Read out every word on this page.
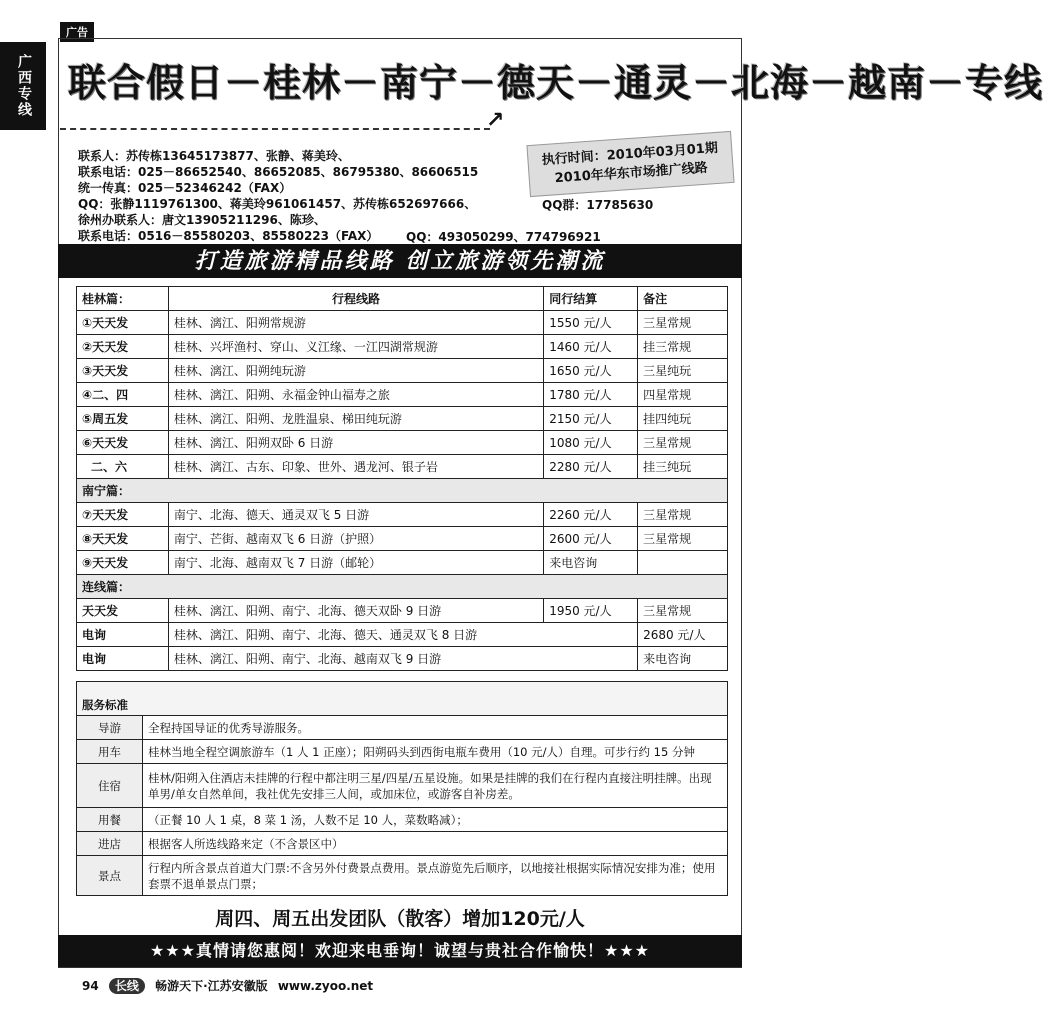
广告
广西专线 联合假日－桂林－南宁－德天－通灵－北海－越南－专线
↗
联系人：苏传栋13645173877、张静、蒋美玲、
联系电话：025－86652540、86652085、86795380、86606515
统一传真：025－52346242（FAX）
QQ：张静1119761300、蒋美玲961061457、苏传栋652697666、
徐州办联系人：唐文13905211296、陈珍、
联系电话：0516－85580203、85580223（FAX）
执行时间：2010年03月01期
2010年华东市场推广线路
QQ群：17785630
QQ：493050299、774796921
打造旅游精品线路 创立旅游领先潮流
桂林篇：	行程线路	同行结算	备注
①天天发	桂林、漓江、阳朔常规游	1550 元/人	三星常规
②天天发	桂林、兴坪渔村、穿山、义江缘、一江四湖常规游	1460 元/人	挂三常规
③天天发	桂林、漓江、阳朔纯玩游	1650 元/人	三星纯玩
④二、四	桂林、漓江、阳朔、永福金钟山福寿之旅	1780 元/人	四星常规
⑤周五发	桂林、漓江、阳朔、龙胜温泉、梯田纯玩游	2150 元/人	挂四纯玩
⑥天天发	桂林、漓江、阳朔双卧 6 日游	1080 元/人	三星常规
二、六	桂林、漓江、古东、印象、世外、遇龙河、银子岩	2280 元/人	挂三纯玩
南宁篇：			
⑦天天发	南宁、北海、德天、通灵双飞 5 日游	2260 元/人	三星常规
⑧天天发	南宁、芒街、越南双飞 6 日游（护照）	2600 元/人	三星常规
⑨天天发	南宁、北海、越南双飞 7 日游（邮轮）	来电咨询	
连线篇：			
天天发	桂林、漓江、阳朔、南宁、北海、德天双卧 9 日游	1950 元/人	三星常规
电询	桂林、漓江、阳朔、南宁、北海、德天、通灵双飞 8 日游		2680 元/人
电询	桂林、漓江、阳朔、南宁、北海、越南双飞 9 日游		来电咨询
服务标准	
导游	全程持国导证的优秀导游服务。
用车	桂林当地全程空调旅游车（1 人 1 正座）；阳朔码头到西街电瓶车费用（10 元/人）自理。可步行约 15 分钟
住宿	桂林/阳朔入住酒店未挂牌的行程中都注明三星/四星/五星设施。如果是挂牌的我们在行程内直接注明挂牌。出现单男/单女自然单间，我社优先安排三人间，或加床位，或游客自补房差。
用餐	（正餐 10 人 1 桌，8 菜 1 汤，人数不足 10 人，菜数略减）；
进店	根据客人所选线路来定（不含景区中）
景点	行程内所含景点首道大门票:不含另外付费景点费用。景点游览先后顺序，以地接社根据实际情况安排为准；使用套票不退单景点门票；
周四、周五出发团队（散客）增加120元/人
★★★真情请您惠阅！欢迎来电垂询！诚望与贵社合作愉快！★★★
94 长线 畅游天下·江苏安徽版 www.zyoo.net
